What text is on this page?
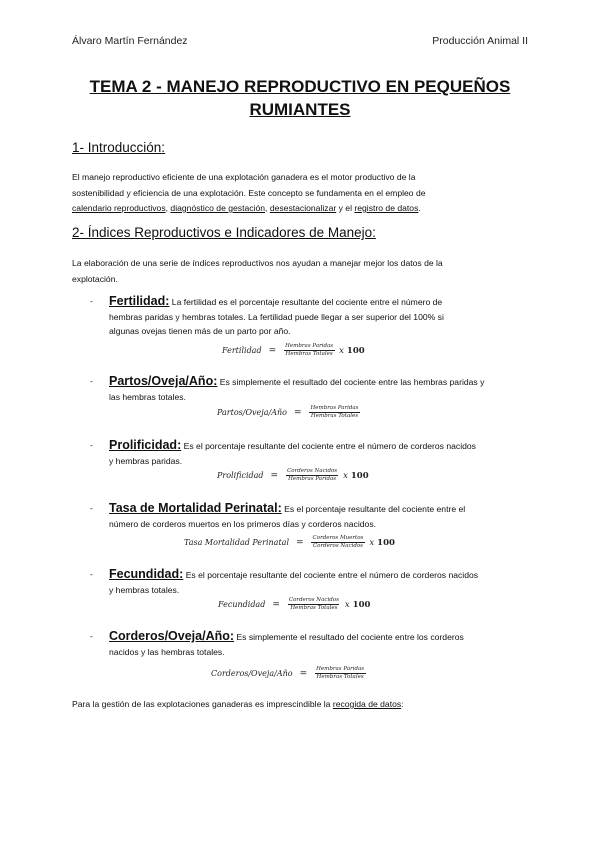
Álvaro Martín Fernández	Producción Animal II
TEMA 2 - MANEJO REPRODUCTIVO EN PEQUEÑOS
RUMIANTES
1- Introducción:
El manejo reproductivo eficiente de una explotación ganadera es el motor productivo de la
sostenibilidad y eficiencia de una explotación. Este concepto se fundamenta en el empleo de
calendario reproductivos, diagnóstico de gestación, desestacionalizar y el registro de datos.
2- Índices Reproductivos e Indicadores de Manejo:
La elaboración de una serie de índices reproductivos nos ayudan a manejar mejor los datos de la
explotación.
- Fertilidad: La fertilidad es el porcentaje resultante del cociente entre el número de
hembras paridas y hembras totales. La fertilidad puede llegar a ser superior del 100% si
algunas ovejas tienen más de un parto por año.
Fertilidad = $\frac{\text{Hembras Paridas}}{\text{Hembras Totales}}$ x 100
- Partos/Oveja/Año: Es simplemente el resultado del cociente entre las hembras paridas y
las hembras totales.
Partos/Oveja/Año = $\frac{\text{Hembras Paridas}}{\text{Hembras Totales}}$
- Prolificidad: Es el porcentaje resultante del cociente entre el número de corderos nacidos
y hembras paridas.
Prolificidad = $\frac{\text{Corderos Nacidos}}{\text{Hembras Paridas}}$ x 100
- Tasa de Mortalidad Perinatal: Es el porcentaje resultante del cociente entre el
número de corderos muertos en los primeros días y corderos nacidos.
Tasa Mortalidad Perinatal = $\frac{\text{Corderos Muertos}}{\text{Corderos Nacidos}}$ x 100
- Fecundidad: Es el porcentaje resultante del cociente entre el número de corderos nacidos
y hembras totales.
Fecundidad = $\frac{\text{Corderos Nacidos}}{\text{Hembras Totales}}$ x 100
- Corderos/Oveja/Año: Es simplemente el resultado del cociente entre los corderos
nacidos y las hembras totales.
Corderos/Oveja/Año = $\frac{\text{Hembras Paridas}}{\text{Hembras Totales}}$
Para la gestión de las explotaciones ganaderas es imprescindible la recogida de datos:
